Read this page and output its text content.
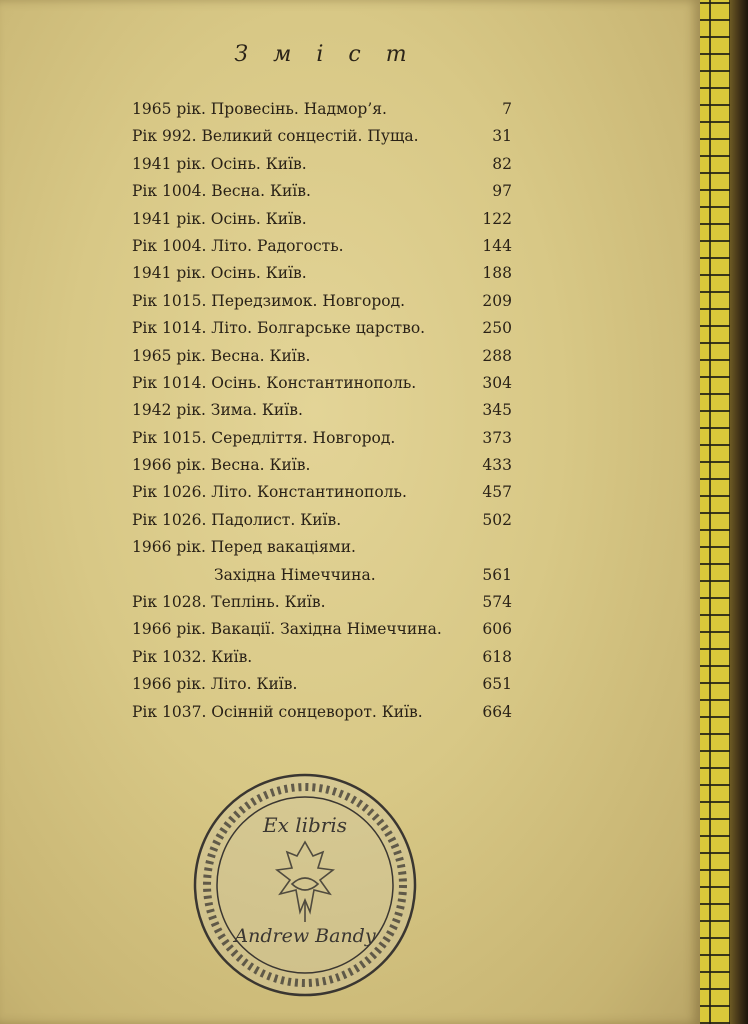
З м і с т
1965 рік. Провесінь. Надмор’я.	7
Рік 992. Великий сонцестій. Пуща.	31
1941 рік. Осінь. Київ.	82
Рік 1004. Весна. Київ.	97
1941 рік. Осінь. Київ.	122
Рік 1004. Літо. Радогость.	144
1941 рік. Осінь. Київ.	188
Рік 1015. Передзимок. Новгород.	209
Рік 1014. Літо. Болгарське царство.	250
1965 рік. Весна. Київ.	288
Рік 1014. Осінь. Константинополь.	304
1942 рік. Зима. Київ.	345
Рік 1015. Середліття. Новгород.	373
1966 рік. Весна. Київ.	433
Рік 1026. Літо. Константинополь.	457
Рік 1026. Падолист. Київ.	502
1966 рік. Перед вакаціями.
Західна Німеччина.	561
Рік 1028. Теплінь. Київ.	574
1966 рік. Вакації. Західна Німеччина.	606
Рік 1032. Київ.	618
1966 рік. Літо. Київ.	651
Рік 1037. Осінній сонцеворот. Київ.	664
Ex libris
Andrew Bandy
